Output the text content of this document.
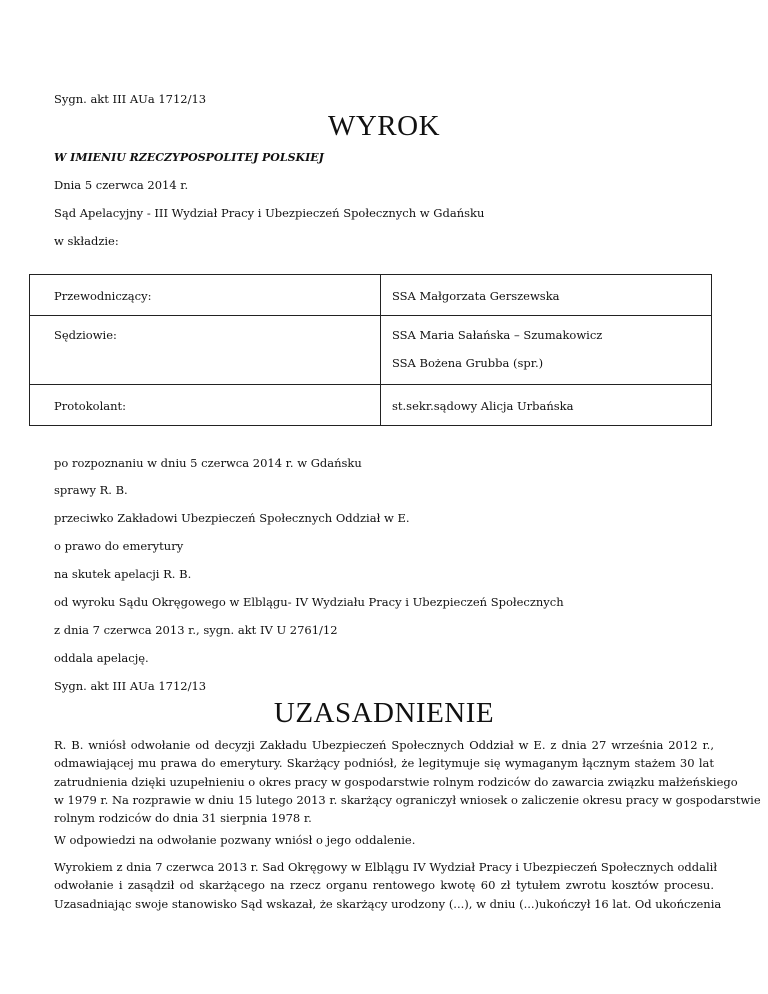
Sygn. akt III AUa 1712/13
WYROK
W IMIENIU RZECZYPOSPOLITEJ POLSKIEJ
Dnia 5 czerwca 2014 r.
Sąd Apelacyjny - III Wydział Pracy i Ubezpieczeń Społecznych w Gdańsku
w składzie:
Przewodniczący:	SSA Małgorzata Gerszewska
Sędziowie:	SSA Maria Sałańska – Szumakowicz
SSA Bożena Grubba (spr.)
Protokolant:	st.sekr.sądowy Alicja Urbańska
po rozpoznaniu w dniu 5 czerwca 2014 r. w Gdańsku
sprawy R. B.
przeciwko Zakładowi Ubezpieczeń Społecznych Oddział w E.
o prawo do emerytury
na skutek apelacji R. B.
od wyroku Sądu Okręgowego w Elblągu- IV Wydziału Pracy i Ubezpieczeń Społecznych
z dnia 7 czerwca 2013 r., sygn. akt IV U 2761/12
oddala apelację.
Sygn. akt III AUa 1712/13
UZASADNIENIE
R. B. wniósł odwołanie od decyzji Zakładu Ubezpieczeń Społecznych Oddział w E. z dnia 27 września 2012 r.,
odmawiającej mu prawa do emerytury. Skarżący podniósł, że legitymuje się wymaganym łącznym stażem 30 lat
zatrudnienia dzięki uzupełnieniu o okres pracy w gospodarstwie rolnym rodziców do zawarcia związku małżeńskiego
w 1979 r. Na rozprawie w dniu 15 lutego 2013 r. skarżący ograniczył wniosek o zaliczenie okresu pracy w gospodarstwie
rolnym rodziców do dnia 31 sierpnia 1978 r.
W odpowiedzi na odwołanie pozwany wniósł o jego oddalenie.
Wyrokiem z dnia 7 czerwca 2013 r. Sad Okręgowy w Elblągu IV Wydział Pracy i Ubezpieczeń Społecznych oddalił
odwołanie i zasądził od skarżącego na rzecz organu rentowego kwotę 60 zł tytułem zwrotu kosztów procesu.
Uzasadniając swoje stanowisko Sąd wskazał, że skarżący urodzony (...), w dniu (...)ukończył 16 lat. Od ukończenia
